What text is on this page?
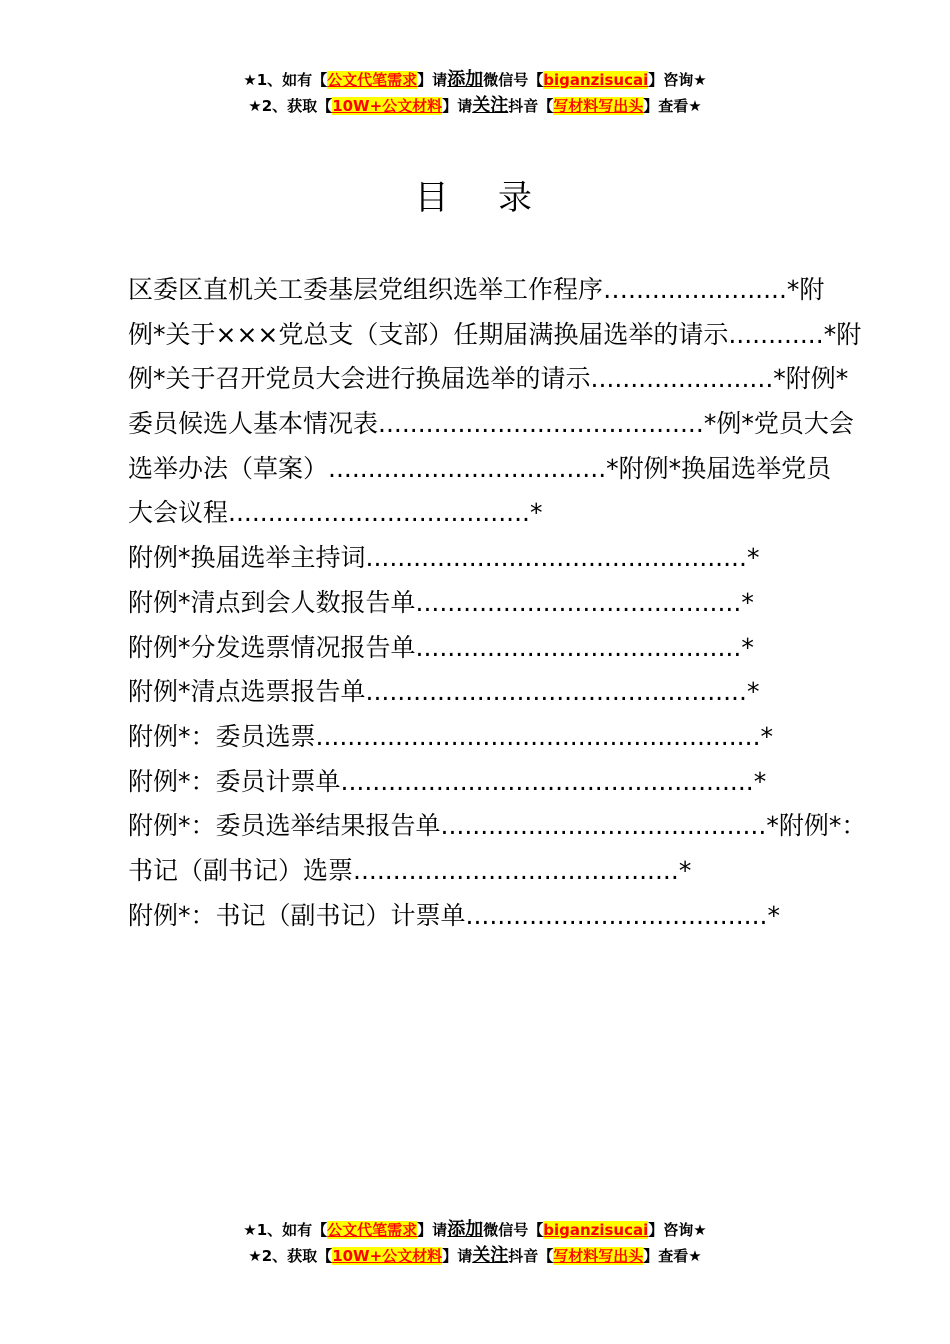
★1、如有【公文代笔需求】请添加微信号【biganzisucai】咨询★
★2、获取【10W+公文材料】请关注抖音【写材料写出头】查看★
目 录
区委区直机关工委基层党组织选举工作程序…....................*附
例*关于×××党总支（支部）任期届满换届选举的请示............*附
例*关于召开党员大会进行换届选举的请示.......................*附例*
委员候选人基本情况表.........................................*例*党员大会
选举办法（草案）...................................*附例*换届选举党员
大会议程......................................*
附例*换届选举主持词................................................*
附例*清点到会人数报告单.........................................*
附例*分发选票情况报告单.........................................*
附例*清点选票报告单................................................*
附例*：委员选票........................................................*
附例*：委员计票单....................................................*
附例*：委员选举结果报告单.........................................*附例*：
书记（副书记）选票.........................................*
附例*：书记（副书记）计票单......................................*
★1、如有【公文代笔需求】请添加微信号【biganzisucai】咨询★
★2、获取【10W+公文材料】请关注抖音【写材料写出头】查看★
